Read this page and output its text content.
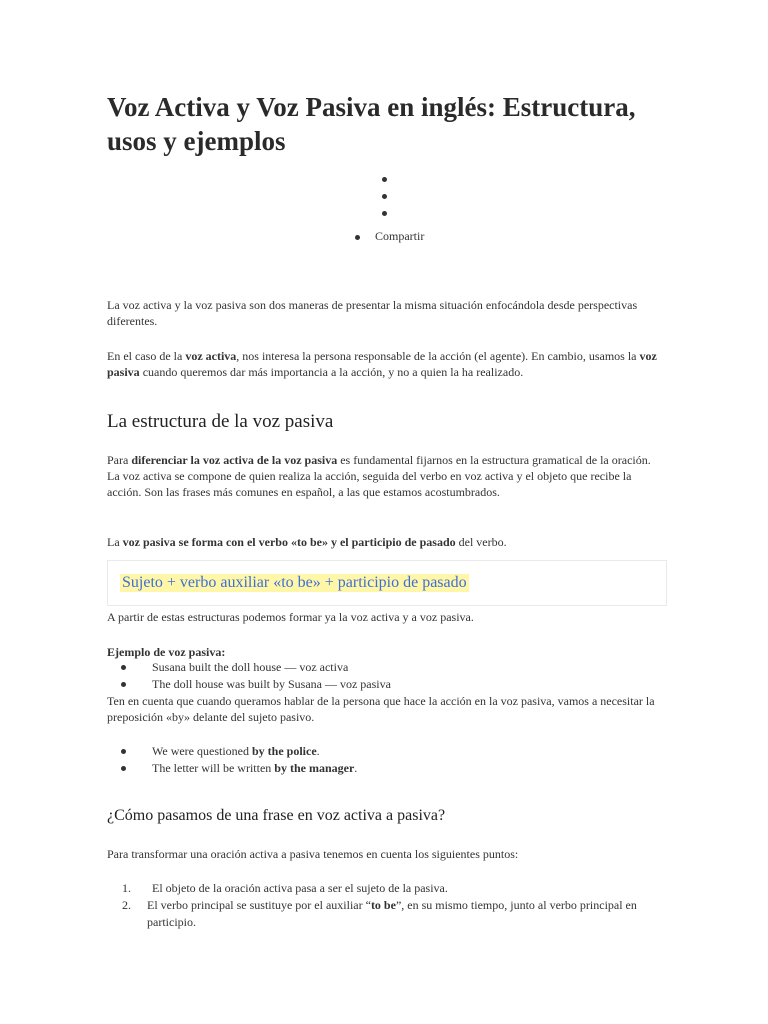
Voz Activa y Voz Pasiva en inglés: Estructura, usos y ejemplos
Compartir

La voz activa y la voz pasiva son dos maneras de presentar la misma situación enfocándola desde perspectivas diferentes.

En el caso de la voz activa, nos interesa la persona responsable de la acción (el agente). En cambio, usamos la voz pasiva cuando queremos dar más importancia a la acción, y no a quien la ha realizado.

La estructura de la voz pasiva
Para diferenciar la voz activa de la voz pasiva es fundamental fijarnos en la estructura gramatical de la oración.
La voz activa se compone de quien realiza la acción, seguida del verbo en voz activa y el objeto que recibe la acción. Son las frases más comunes en español, a las que estamos acostumbrados.

La voz pasiva se forma con el verbo «to be» y el participio de pasado del verbo.

Sujeto + verbo auxiliar «to be» + participio de pasado

A partir de estas estructuras podemos formar ya la voz activa y a voz pasiva.

Ejemplo de voz pasiva:

Susana built the doll house — voz activa
The doll house was built by Susana — voz pasiva

Ten en cuenta que cuando queramos hablar de la persona que hace la acción en la voz pasiva, vamos a necesitar la preposición «by» delante del sujeto pasivo.

We were questioned by the police.
The letter will be written by the manager.
¿Cómo pasamos de una frase en voz activa a pasiva?

Para transformar una oración activa a pasiva tenemos en cuenta los siguientes puntos:

1. El objeto de la oración activa pasa a ser el sujeto de la pasiva.
2. El verbo principal se sustituye por el auxiliar “to be”, en su mismo tiempo, junto al verbo principal en participio.
